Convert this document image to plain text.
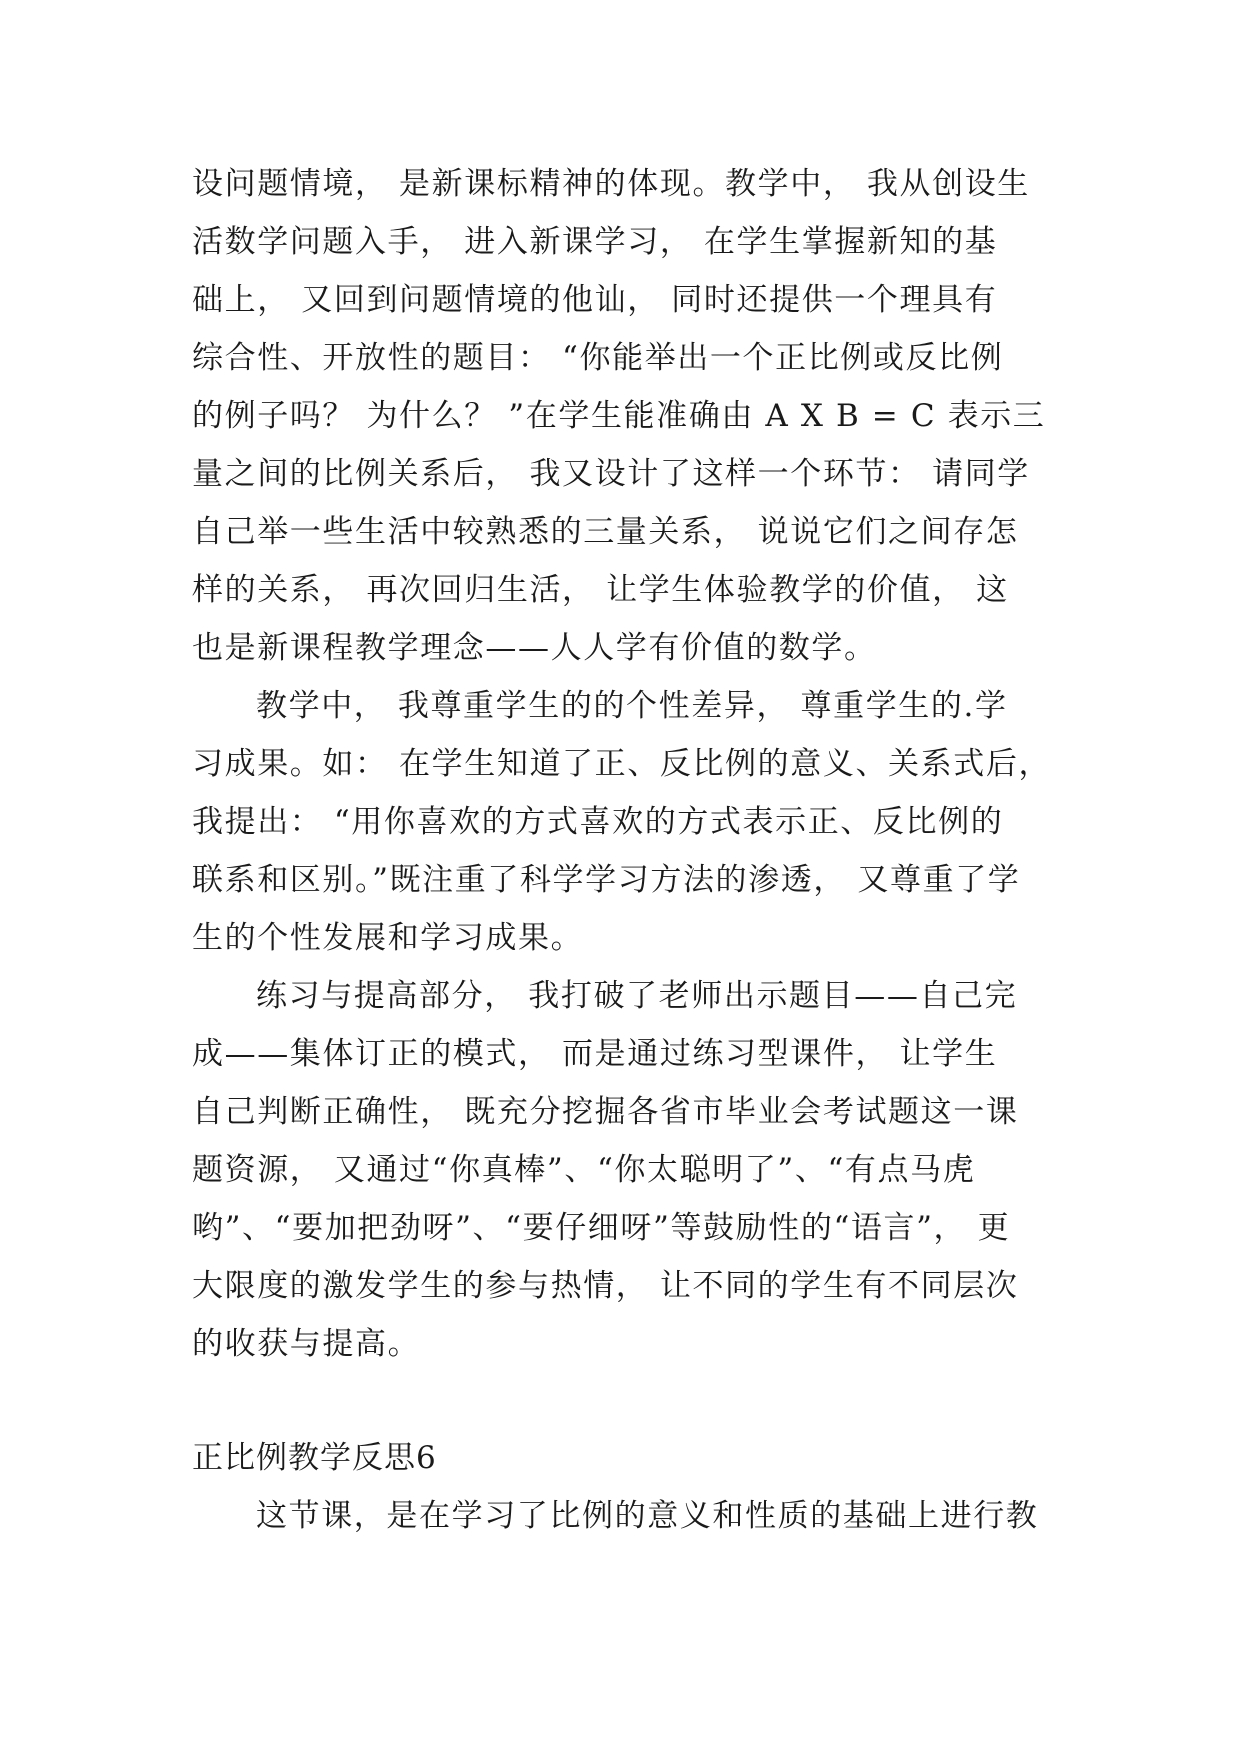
设问题情境， 是新课标精神的体现。教学中， 我从创设生
活数学问题入手， 进入新课学习， 在学生掌握新知的基
础上， 又回到问题情境的他讪， 同时还提供一个理具有
综合性、开放性的题目： “你能举出一个正比例或反比例
的例子吗？ 为什么？ ”在学生能准确由 A X B = C 表示三
量之间的比例关系后， 我又设计了这样一个环节： 请同学
自己举一些生活中较熟悉的三量关系， 说说它们之间存怎
样的关系， 再次回归生活， 让学生体验教学的价值， 这
也是新课程教学理念——人人学有价值的数学。
教学中， 我尊重学生的的个性差异， 尊重学生的.学
习成果。如： 在学生知道了正、反比例的意义、关系式后，
我提出： “用你喜欢的方式喜欢的方式表示正、反比例的
联系和区别。”既注重了科学学习方法的渗透， 又尊重了学
生的个性发展和学习成果。
练习与提高部分， 我打破了老师出示题目——自己完
成——集体订正的模式， 而是通过练习型课件， 让学生
自己判断正确性， 既充分挖掘各省市毕业会考试题这一课
题资源， 又通过“你真棒”、“你太聪明了”、“有点马虎
哟”、“要加把劲呀”、“要仔细呀”等鼓励性的“语言”， 更
大限度的激发学生的参与热情， 让不同的学生有不同层次
的收获与提高。
正比例教学反思6
这节课，是在学习了比例的意义和性质的基础上进行教
